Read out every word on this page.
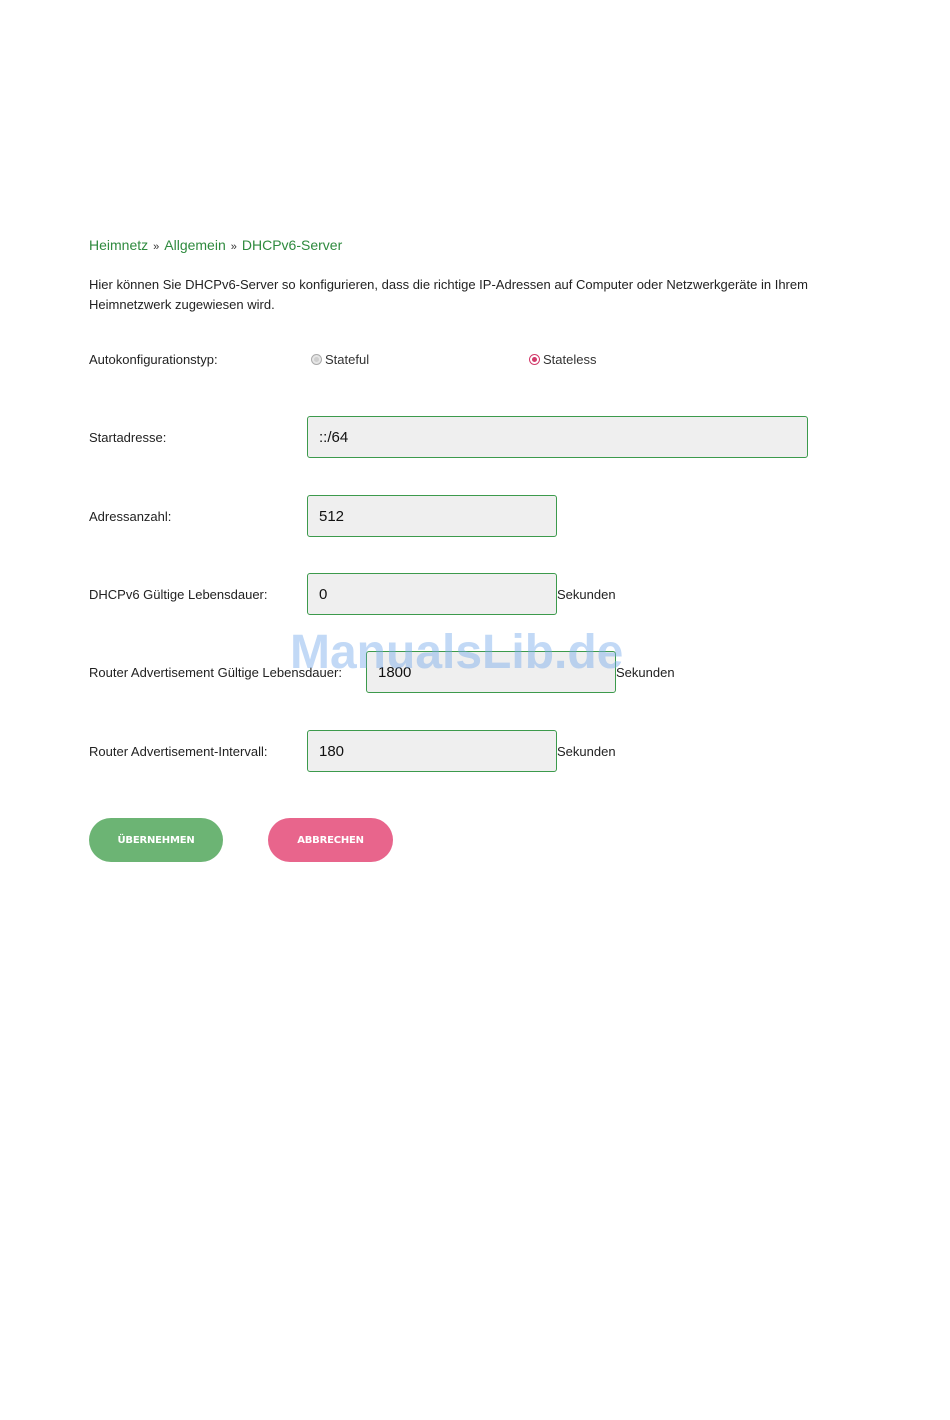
Heimnetz » Allgemein » DHCPv6-Server
Hier können Sie DHCPv6-Server so konfigurieren, dass die richtige IP-Adressen auf Computer oder Netzwerkgeräte in Ihrem Heimnetzwerk zugewiesen wird.
Autokonfigurationstyp:	Stateful	Stateless
Startadresse:
::/64
Adressanzahl:
512
DHCPv6 Gültige Lebensdauer:
0	Sekunden
Router Advertisement Gültige Lebensdauer:
1800	Sekunden
Router Advertisement-Intervall:
180	Sekunden
ÜBERNEHMEN	ABBRECHEN
ManualsLib.de
